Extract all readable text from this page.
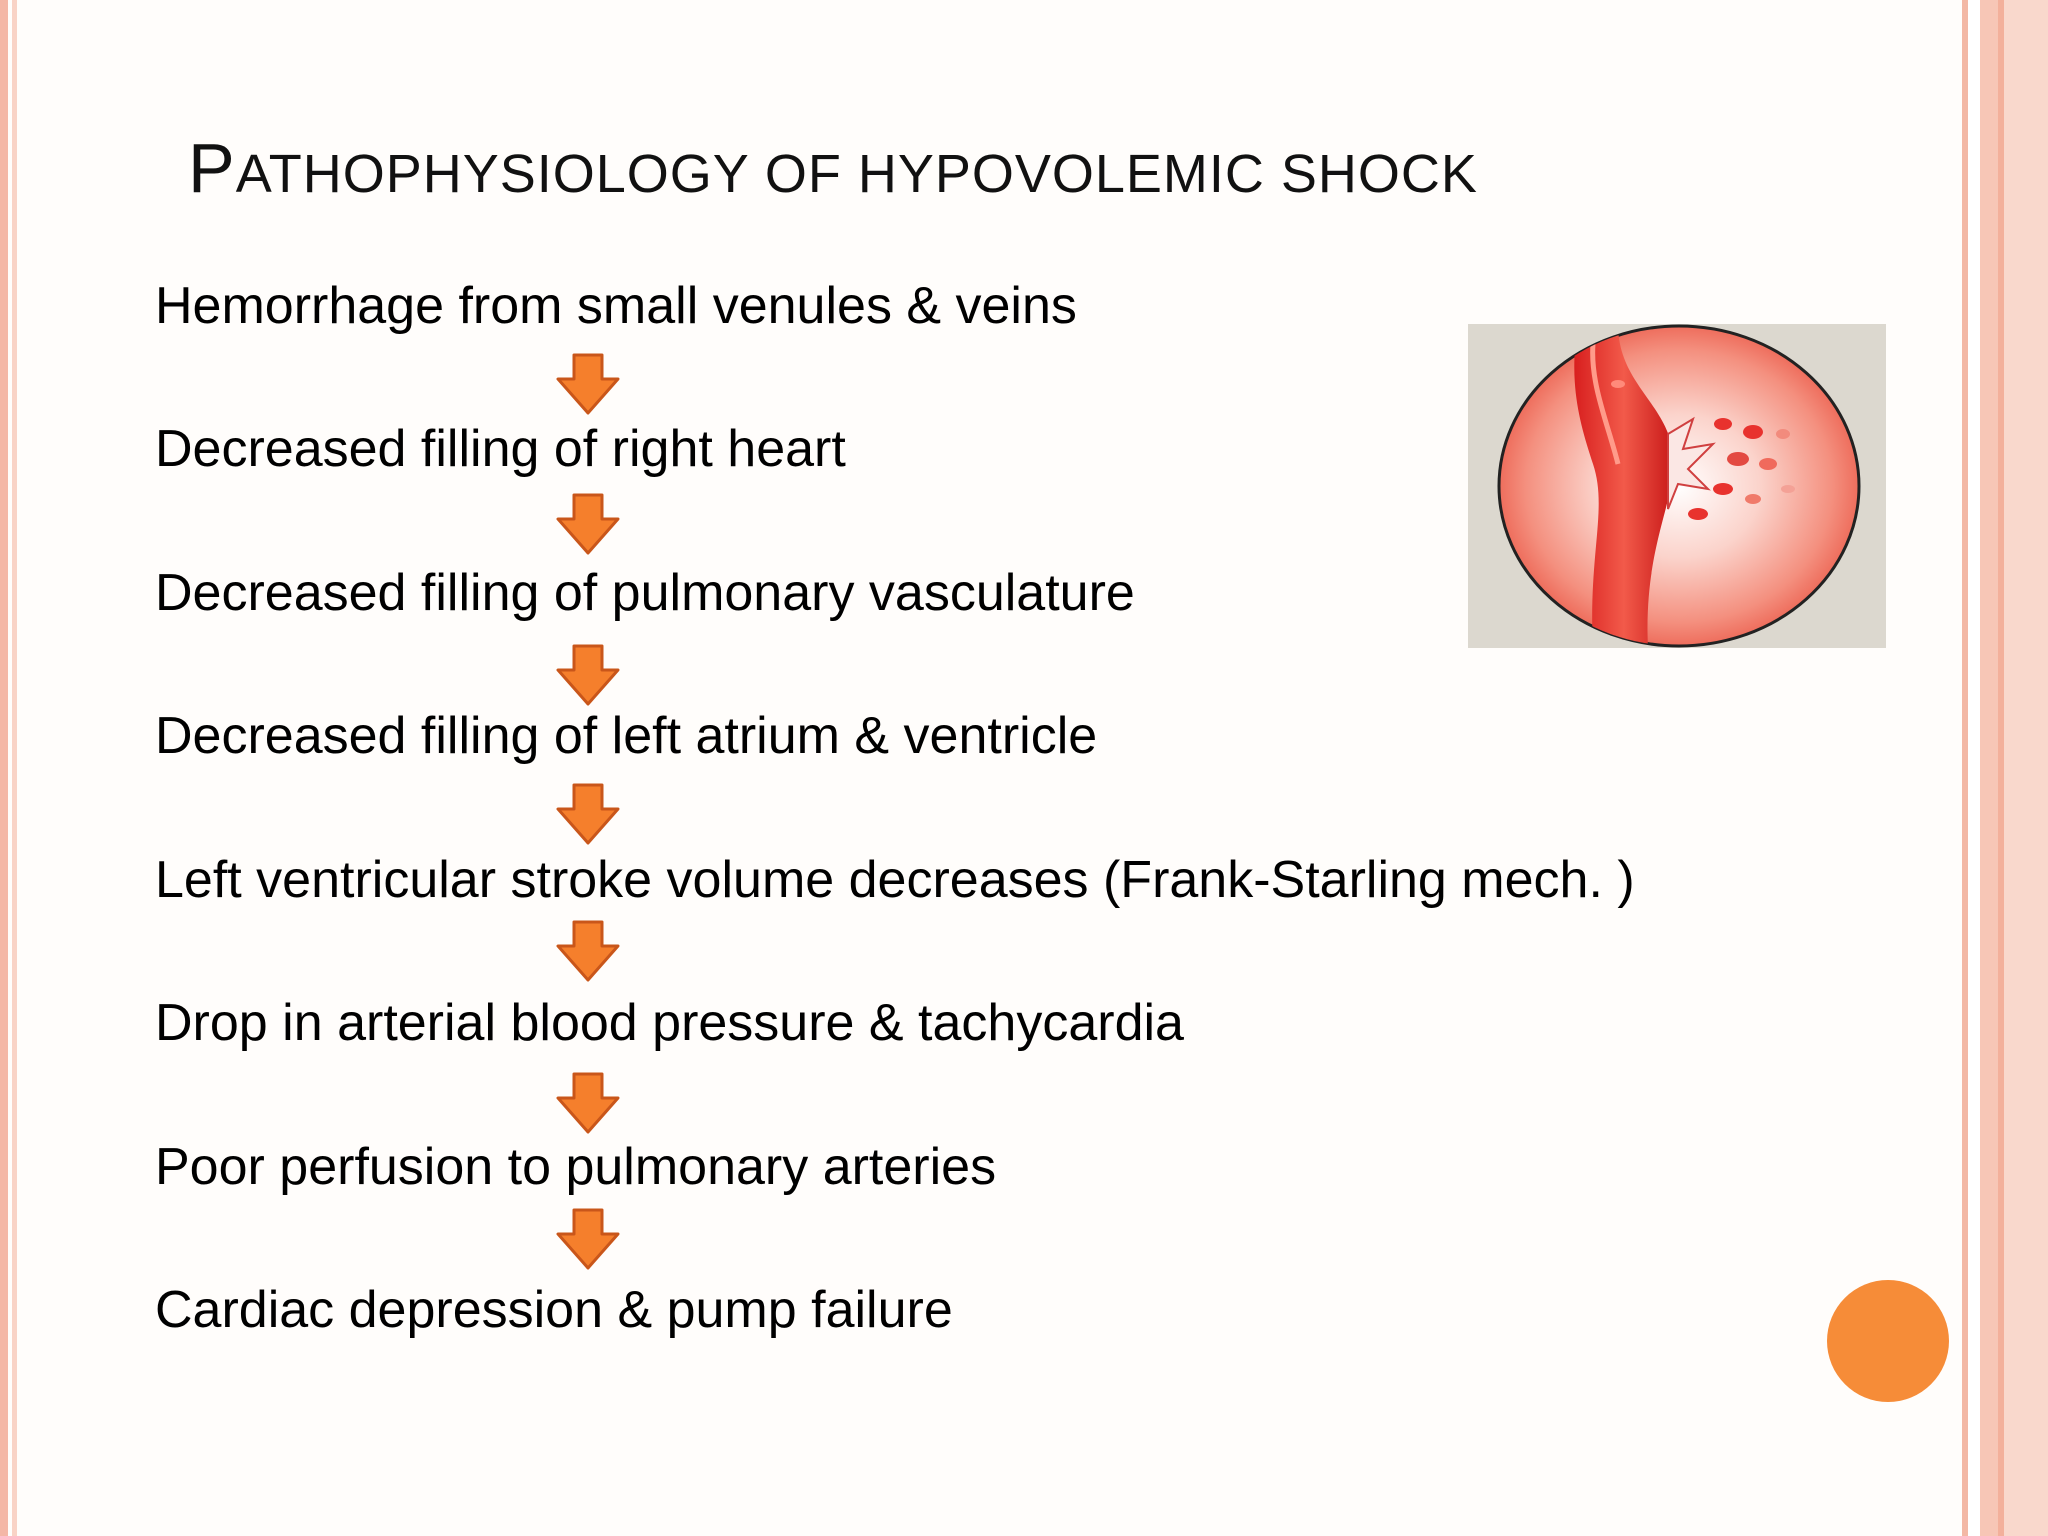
PATHOPHYSIOLOGY OF HYPOVOLEMIC SHOCK
Hemorrhage from small venules & veins
Decreased filling of right heart
Decreased filling of pulmonary vasculature
Decreased filling of left atrium & ventricle
Left ventricular stroke volume decreases (Frank-Starling mech. )
Drop in arterial blood pressure & tachycardia
Poor perfusion to pulmonary arteries
Cardiac depression & pump failure
